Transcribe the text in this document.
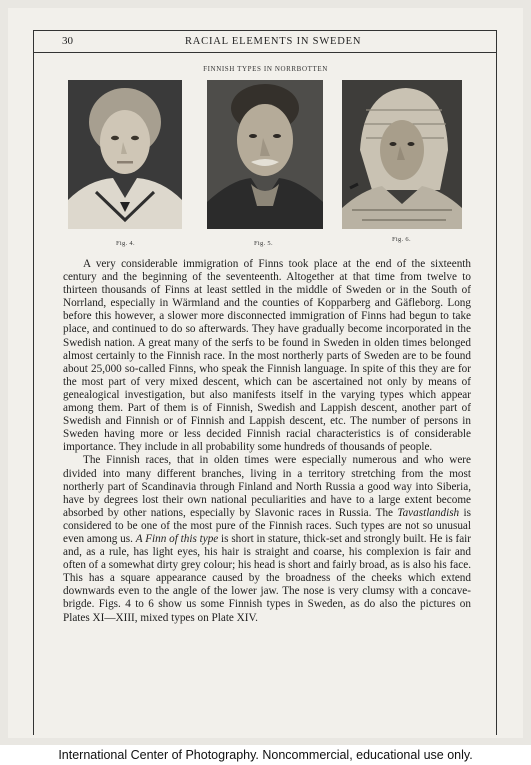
30	RACIAL ELEMENTS IN SWEDEN
FINNISH TYPES IN NORRBOTTEN
Fig. 4.	Fig. 5.
Fig. 6.

A very considerable immigration of Finns took place at the end of the sixteenth century and the beginning of the seventeenth. Altogether at that time from twelve to thirteen thousands of Finns at least settled in the middle of Sweden or in the South of Norrland, especially in Wärmland and the counties of Kopparberg and Gäfleborg. Long before this however, a slower more disconnected immigration of Finns had begun to take place, and continued to do so afterwards. They have gradually become incorporated in the Swedish nation. A great many of the serfs to be found in Sweden in olden times belonged almost certainly to the Finnish race. In the most northerly parts of Sweden are to be found about 25,000 so-called Finns, who speak the Finnish language. In spite of this they are for the most part of very mixed descent, which can be ascertained not only by means of genealogical investigation, but also manifests itself in the varying types which appear among them. Part of them is of Finnish, Swedish and Lappish descent, another part of Swedish and Finnish or of Finnish and Lappish descent, etc. The number of persons in Sweden having more or less decided Finnish racial characteristics is of considerable importance. They include in all probability some hundreds of thousands of people.

The Finnish races, that in olden times were especially numerous and who were divided into many different branches, living in a territory stretching from the most northerly part of Scandinavia through Finland and North Russia a good way into Siberia, have by degrees lost their own national peculiarities and have to a large extent become absorbed by other nations, especially by Slavonic races in Russia. The Tavastlandish is considered to be one of the most pure of the Finnish races. Such types are not so unusual even among us. A Finn of this type is short in stature, thick-set and strongly built. He is fair and, as a rule, has light eyes, his hair is straight and coarse, his complexion is fair and often of a somewhat dirty grey colour; his head is short and fairly broad, as is also his face. This has a square appearance caused by the broadness of the cheeks which extend downwards even to the angle of the lower jaw. The nose is very clumsy with a concave-brigde. Figs. 4 to 6 show us some Finnish types in Sweden, as do also the pictures on Plates XI—XIII, mixed types on Plate XIV.

International Center of Photography. Noncommercial, educational use only.
